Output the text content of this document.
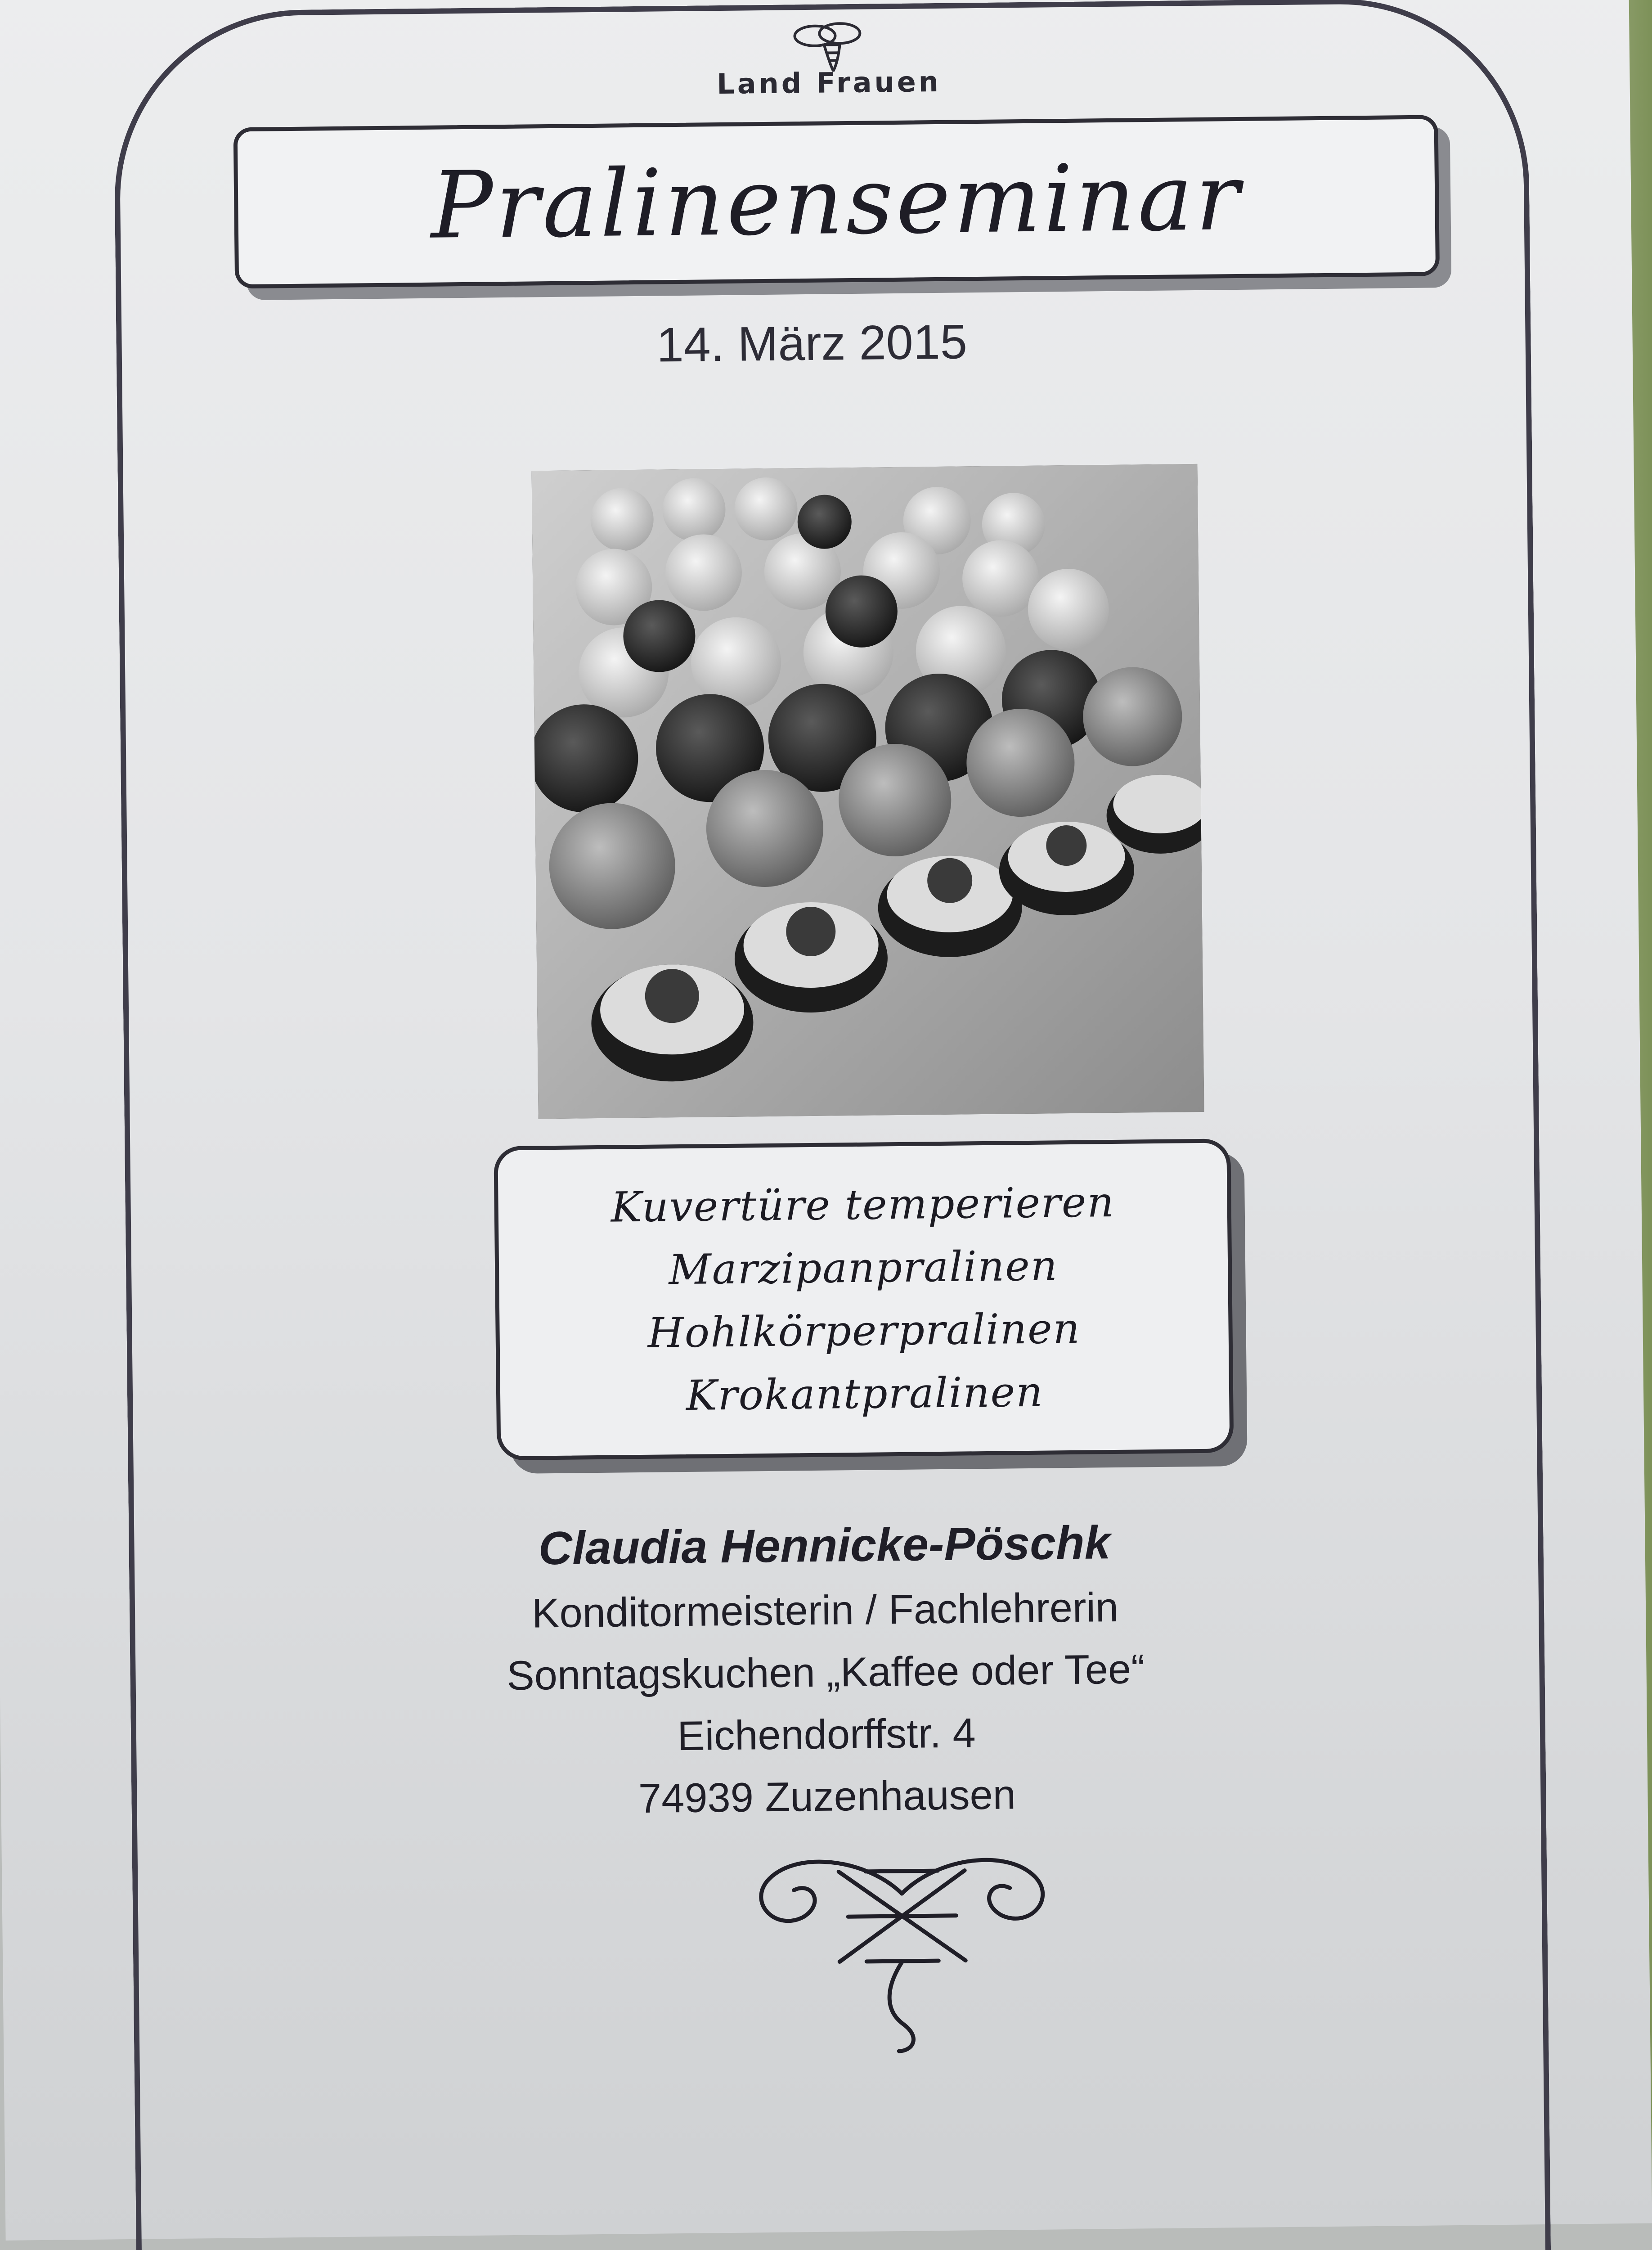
Land Frauen
Pralinenseminar
14. März 2015
Kuvertüre temperieren
Marzipanpralinen
Hohlkörperpralinen
Krokantpralinen
Claudia Hennicke-Pöschk
Konditormeisterin / Fachlehrerin
Sonntagskuchen „Kaffee oder Tee“
Eichendorffstr. 4
74939 Zuzenhausen
